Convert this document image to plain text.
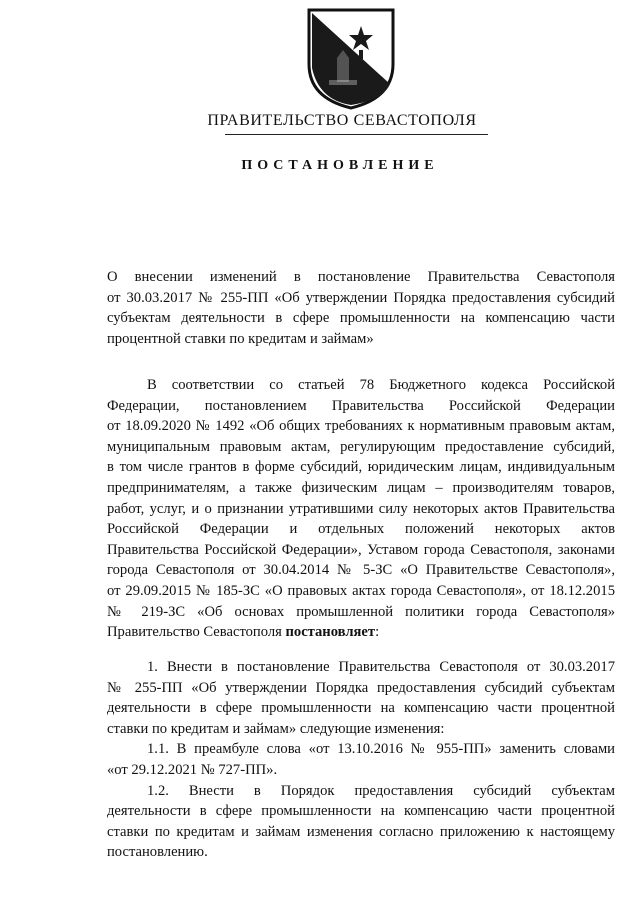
ПРАВИТЕЛЬСТВО СЕВАСТОПОЛЯ
ПОСТАНОВЛЕНИЕ
О внесении изменений в постановление Правительства Севастополя
от 30.03.2017 № 255-ПП «Об утверждении Порядка предоставления субсидий
субъектам деятельности в сфере промышленности на компенсацию части
процентной ставки по кредитам и займам»
В соответствии со статьей 78 Бюджетного кодекса Российской
Федерации, постановлением Правительства Российской Федерации
от 18.09.2020 № 1492 «Об общих требованиях к нормативным правовым актам,
муниципальным правовым актам, регулирующим предоставление субсидий,
в том числе грантов в форме субсидий, юридическим лицам, индивидуальным
предпринимателям, а также физическим лицам – производителям товаров,
работ, услуг, и о признании утратившими силу некоторых актов Правительства
Российской Федерации и отдельных положений некоторых актов
Правительства Российской Федерации», Уставом города Севастополя, законами
города Севастополя от 30.04.2014 № 5-ЗС «О Правительстве Севастополя»,
от 29.09.2015 № 185-ЗС «О правовых актах города Севастополя», от 18.12.2015
№ 219-ЗС «Об основах промышленной политики города Севастополя»
Правительство Севастополя постановляет:
1. Внести в постановление Правительства Севастополя от 30.03.2017
№ 255-ПП «Об утверждении Порядка предоставления субсидий субъектам
деятельности в сфере промышленности на компенсацию части процентной
ставки по кредитам и займам» следующие изменения:
1.1. В преамбуле слова «от 13.10.2016 № 955-ПП» заменить словами
«от 29.12.2021 № 727-ПП».
1.2. Внести в Порядок предоставления субсидий субъектам
деятельности в сфере промышленности на компенсацию части процентной
ставки по кредитам и займам изменения согласно приложению к настоящему
постановлению.
